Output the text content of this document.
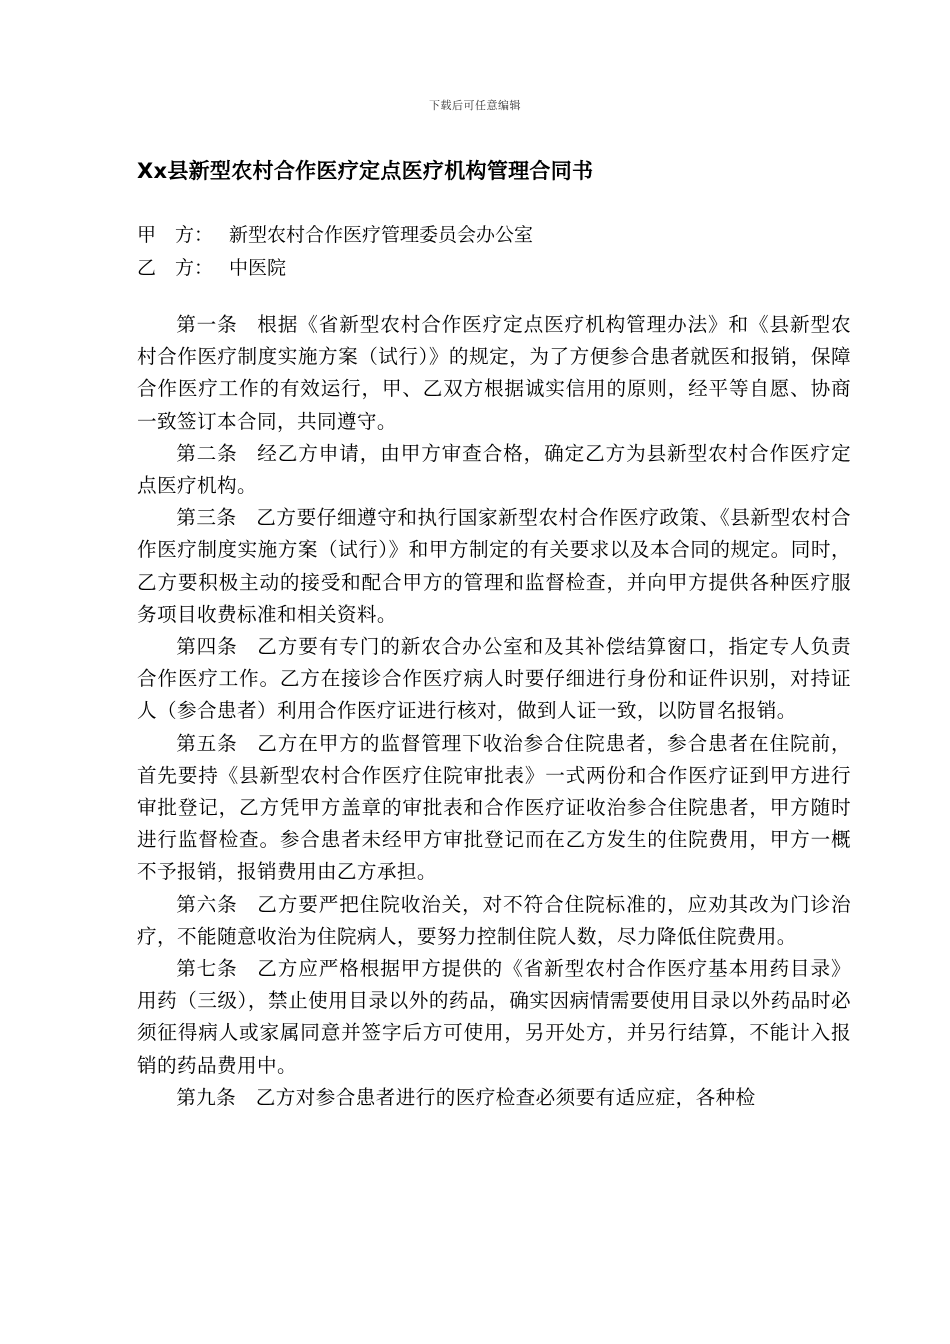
下载后可任意编辑
Xx县新型农村合作医疗定点医疗机构管理合同书
甲　方： 新型农村合作医疗管理委员会办公室
乙　方： 中医院

第一条 根据《省新型农村合作医疗定点医疗机构管理办法》和《县新型农村合作医疗制度实施方案（试行）》的规定，为了方便参合患者就医和报销，保障合作医疗工作的有效运行，甲、乙双方根据诚实信用的原则，经平等自愿、协商一致签订本合同，共同遵守。

第二条 经乙方申请，由甲方审查合格，确定乙方为县新型农村合作医疗定点医疗机构。

第三条 乙方要仔细遵守和执行国家新型农村合作医疗政策、《县新型农村合作医疗制度实施方案（试行）》和甲方制定的有关要求以及本合同的规定。同时，乙方要积极主动的接受和配合甲方的管理和监督检查，并向甲方提供各种医疗服务项目收费标准和相关资料。

第四条 乙方要有专门的新农合办公室和及其补偿结算窗口，指定专人负责合作医疗工作。乙方在接诊合作医疗病人时要仔细进行身份和证件识别，对持证人（参合患者）利用合作医疗证进行核对，做到人证一致，以防冒名报销。

第五条 乙方在甲方的监督管理下收治参合住院患者，参合患者在住院前，首先要持《县新型农村合作医疗住院审批表》一式两份和合作医疗证到甲方进行审批登记，乙方凭甲方盖章的审批表和合作医疗证收治参合住院患者，甲方随时进行监督检查。参合患者未经甲方审批登记而在乙方发生的住院费用，甲方一概不予报销，报销费用由乙方承担。

第六条 乙方要严把住院收治关，对不符合住院标准的，应劝其改为门诊治疗，不能随意收治为住院病人，要努力控制住院人数，尽力降低住院费用。

第七条 乙方应严格根据甲方提供的《省新型农村合作医疗基本用药目录》用药（三级），禁止使用目录以外的药品，确实因病情需要使用目录以外药品时必须征得病人或家属同意并签字后方可使用，另开处方，并另行结算，不能计入报销的药品费用中。

第九条 乙方对参合患者进行的医疗检查必须要有适应症，各种检
